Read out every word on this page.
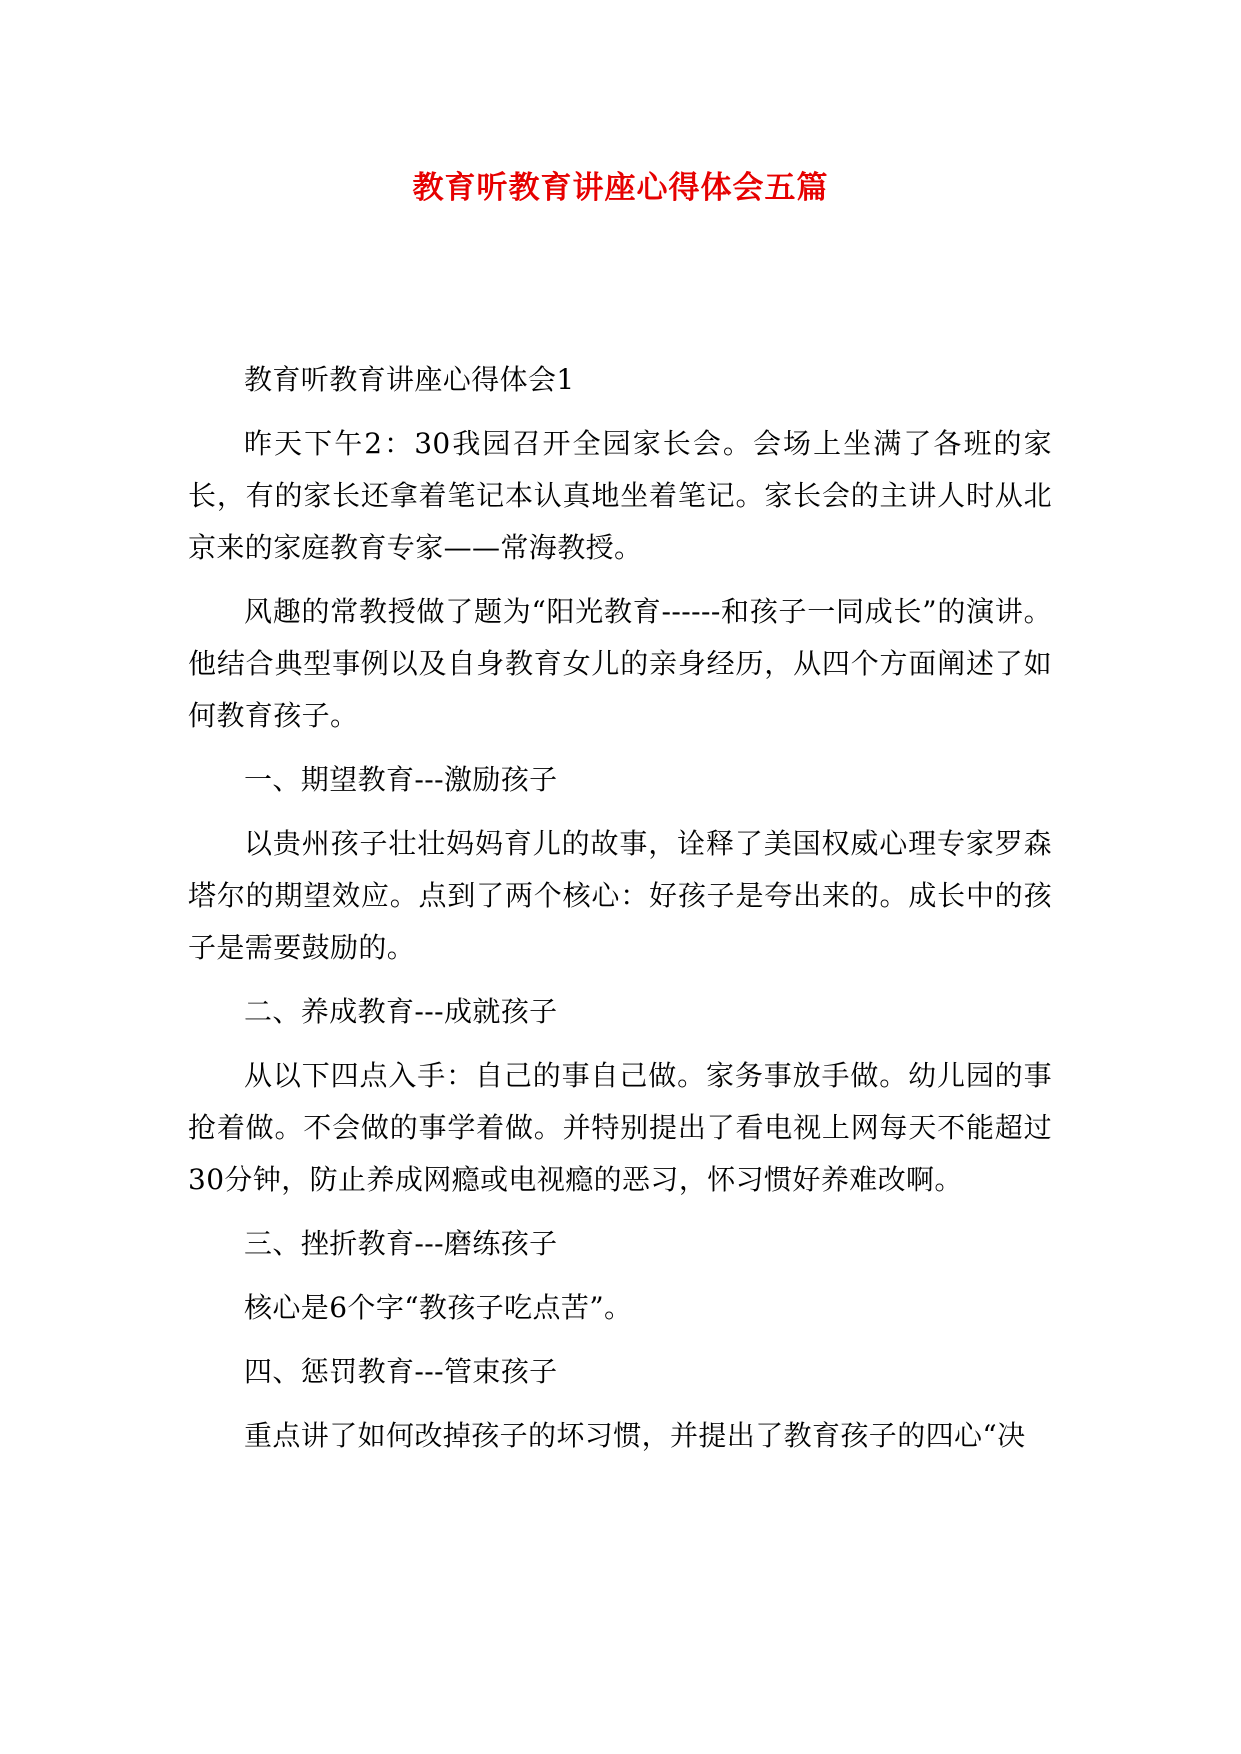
教育听教育讲座心得体会五篇

教育听教育讲座心得体会1

昨天下午2：30我园召开全园家长会。会场上坐满了各班的家长，有的家长还拿着笔记本认真地坐着笔记。家长会的主讲人时从北京来的家庭教育专家——常海教授。

风趣的常教授做了题为“阳光教育------和孩子一同成长”的演讲。他结合典型事例以及自身教育女儿的亲身经历，从四个方面阐述了如何教育孩子。

一、期望教育---激励孩子

以贵州孩子壮壮妈妈育儿的故事，诠释了美国权威心理专家罗森塔尔的期望效应。点到了两个核心：好孩子是夸出来的。成长中的孩子是需要鼓励的。

二、养成教育---成就孩子

从以下四点入手：自己的事自己做。家务事放手做。幼儿园的事抢着做。不会做的事学着做。并特别提出了看电视上网每天不能超过30分钟，防止养成网瘾或电视瘾的恶习，怀习惯好养难改啊。

三、挫折教育---磨练孩子

核心是6个字“教孩子吃点苦”。

四、惩罚教育---管束孩子

重点讲了如何改掉孩子的坏习惯，并提出了教育孩子的四心“决
